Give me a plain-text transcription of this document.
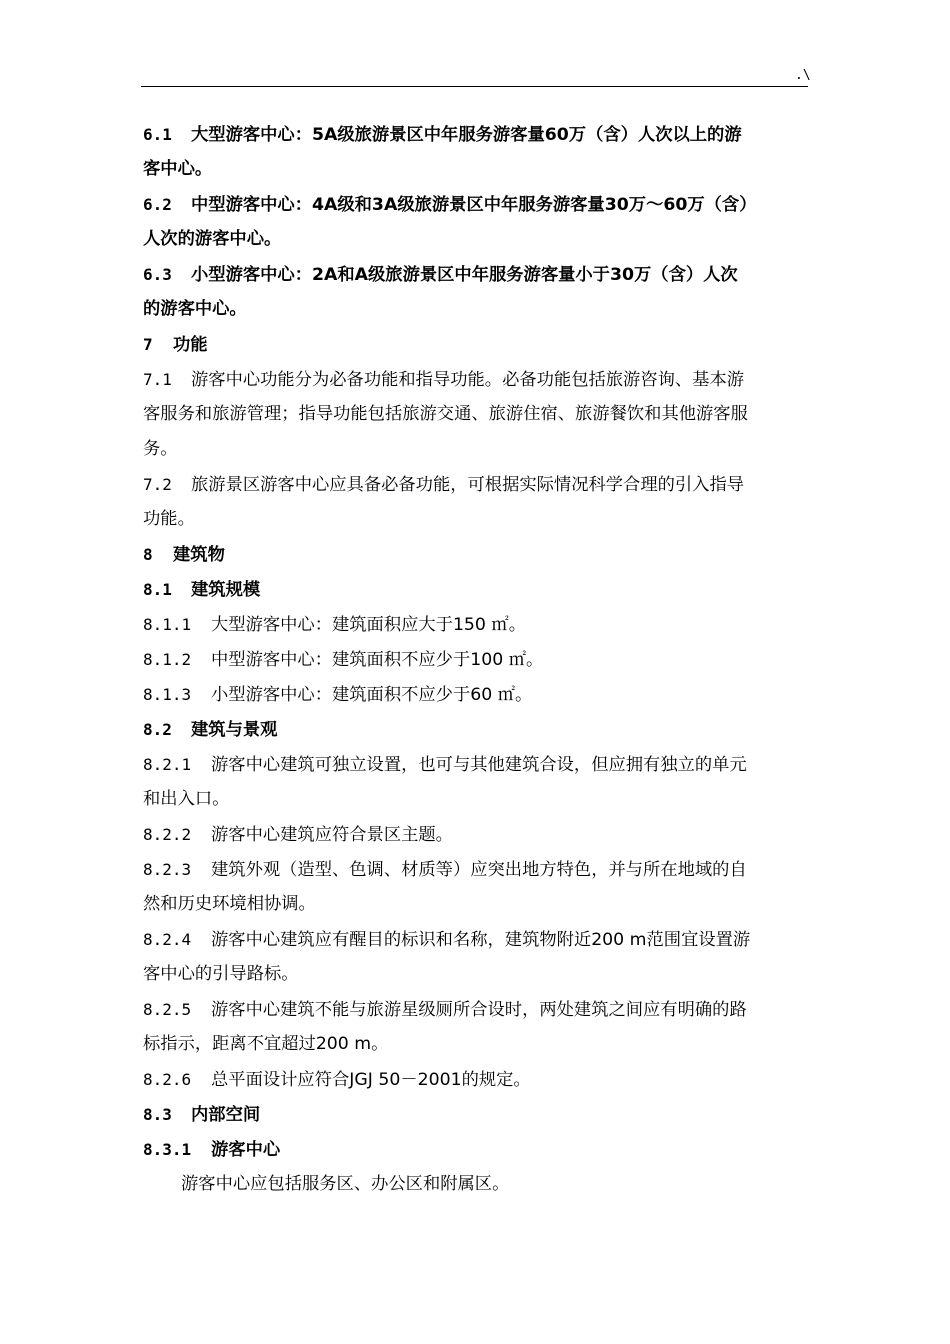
.\
6.1 大型游客中心：5A级旅游景区中年服务游客量60万（含）人次以上的游
客中心。
6.2 中型游客中心：4A级和3A级旅游景区中年服务游客量30万～60万（含）
人次的游客中心。
6.3 小型游客中心：2A和A级旅游景区中年服务游客量小于30万（含）人次
的游客中心。
7 功能
7.1 游客中心功能分为必备功能和指导功能。必备功能包括旅游咨询、基本游
客服务和旅游管理；指导功能包括旅游交通、旅游住宿、旅游餐饮和其他游客服
务。
7.2 旅游景区游客中心应具备必备功能，可根据实际情况科学合理的引入指导
功能。
8 建筑物
8.1 建筑规模
8.1.1 大型游客中心：建筑面积应大于150 ㎡。
8.1.2 中型游客中心：建筑面积不应少于100 ㎡。
8.1.3 小型游客中心：建筑面积不应少于60 ㎡。
8.2 建筑与景观
8.2.1 游客中心建筑可独立设置，也可与其他建筑合设，但应拥有独立的单元
和出入口。
8.2.2 游客中心建筑应符合景区主题。
8.2.3 建筑外观（造型、色调、材质等）应突出地方特色，并与所在地域的自
然和历史环境相协调。
8.2.4 游客中心建筑应有醒目的标识和名称，建筑物附近200 m范围宜设置游
客中心的引导路标。
8.2.5 游客中心建筑不能与旅游星级厕所合设时，两处建筑之间应有明确的路
标指示，距离不宜超过200 m。
8.2.6 总平面设计应符合JGJ 50－2001的规定。
8.3 内部空间
8.3.1 游客中心
游客中心应包括服务区、办公区和附属区。
